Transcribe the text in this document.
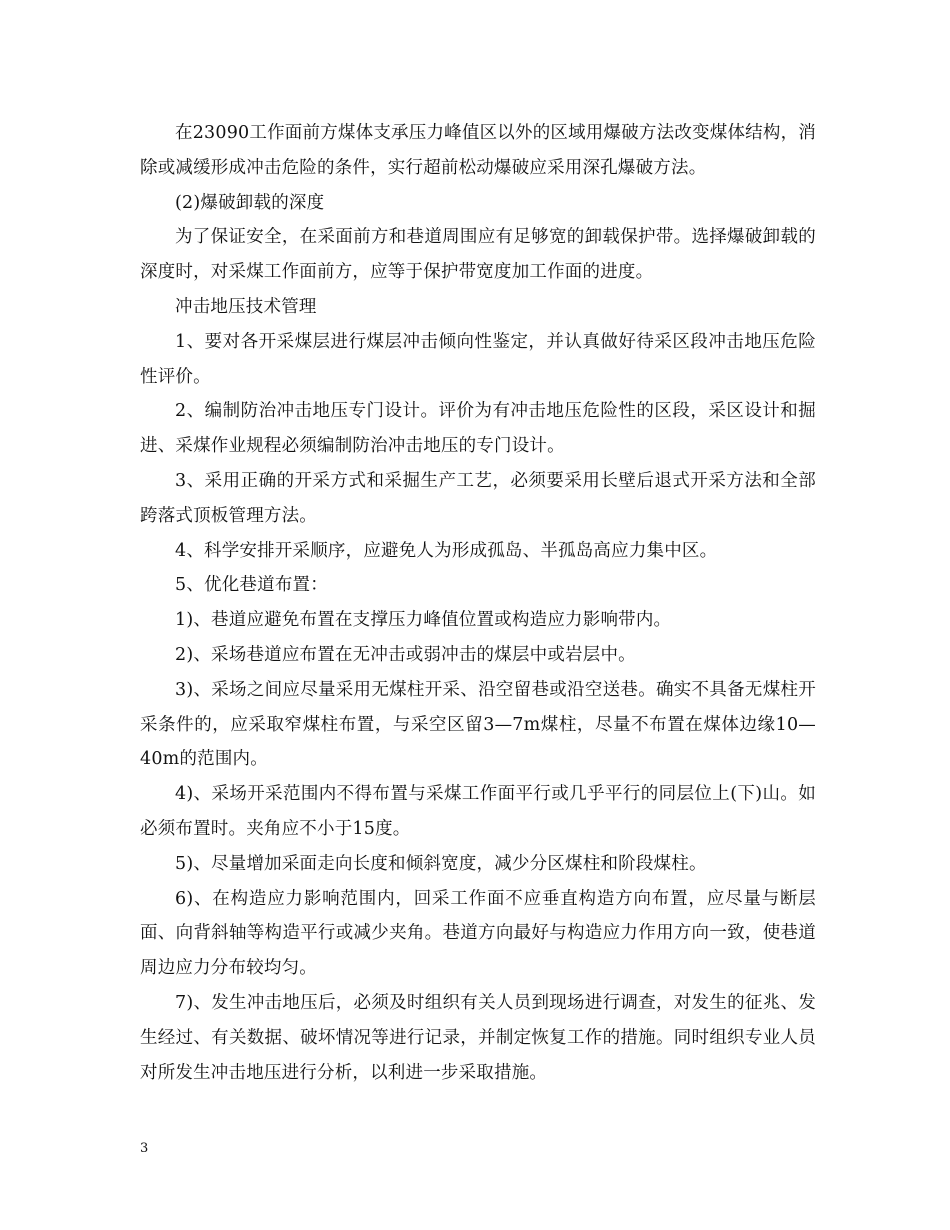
在23090工作面前方煤体支承压力峰值区以外的区域用爆破方法改变煤体结构，消除或减缓形成冲击危险的条件，实行超前松动爆破应采用深孔爆破方法。

(2)爆破卸载的深度

为了保证安全，在采面前方和巷道周围应有足够宽的卸载保护带。选择爆破卸载的深度时，对采煤工作面前方，应等于保护带宽度加工作面的进度。

冲击地压技术管理

1、要对各开采煤层进行煤层冲击倾向性鉴定，并认真做好待采区段冲击地压危险性评价。

2、编制防治冲击地压专门设计。评价为有冲击地压危险性的区段，采区设计和掘进、采煤作业规程必须编制防治冲击地压的专门设计。

3、采用正确的开采方式和采掘生产工艺，必须要采用长壁后退式开采方法和全部跨落式顶板管理方法。

4、科学安排开采顺序，应避免人为形成孤岛、半孤岛高应力集中区。

5、优化巷道布置：

1)、巷道应避免布置在支撑压力峰值位置或构造应力影响带内。

2)、采场巷道应布置在无冲击或弱冲击的煤层中或岩层中。

3)、采场之间应尽量采用无煤柱开采、沿空留巷或沿空送巷。确实不具备无煤柱开采条件的，应采取窄煤柱布置，与采空区留3—7m煤柱，尽量不布置在煤体边缘10—40m的范围内。

4)、采场开采范围内不得布置与采煤工作面平行或几乎平行的同层位上(下)山。如必须布置时。夹角应不小于15度。

5)、尽量增加采面走向长度和倾斜宽度，减少分区煤柱和阶段煤柱。

6)、在构造应力影响范围内，回采工作面不应垂直构造方向布置，应尽量与断层面、向背斜轴等构造平行或减少夹角。巷道方向最好与构造应力作用方向一致，使巷道周边应力分布较均匀。

7)、发生冲击地压后，必须及时组织有关人员到现场进行调查，对发生的征兆、发生经过、有关数据、破坏情况等进行记录，并制定恢复工作的措施。同时组织专业人员对所发生冲击地压进行分析，以利进一步采取措施。

3
